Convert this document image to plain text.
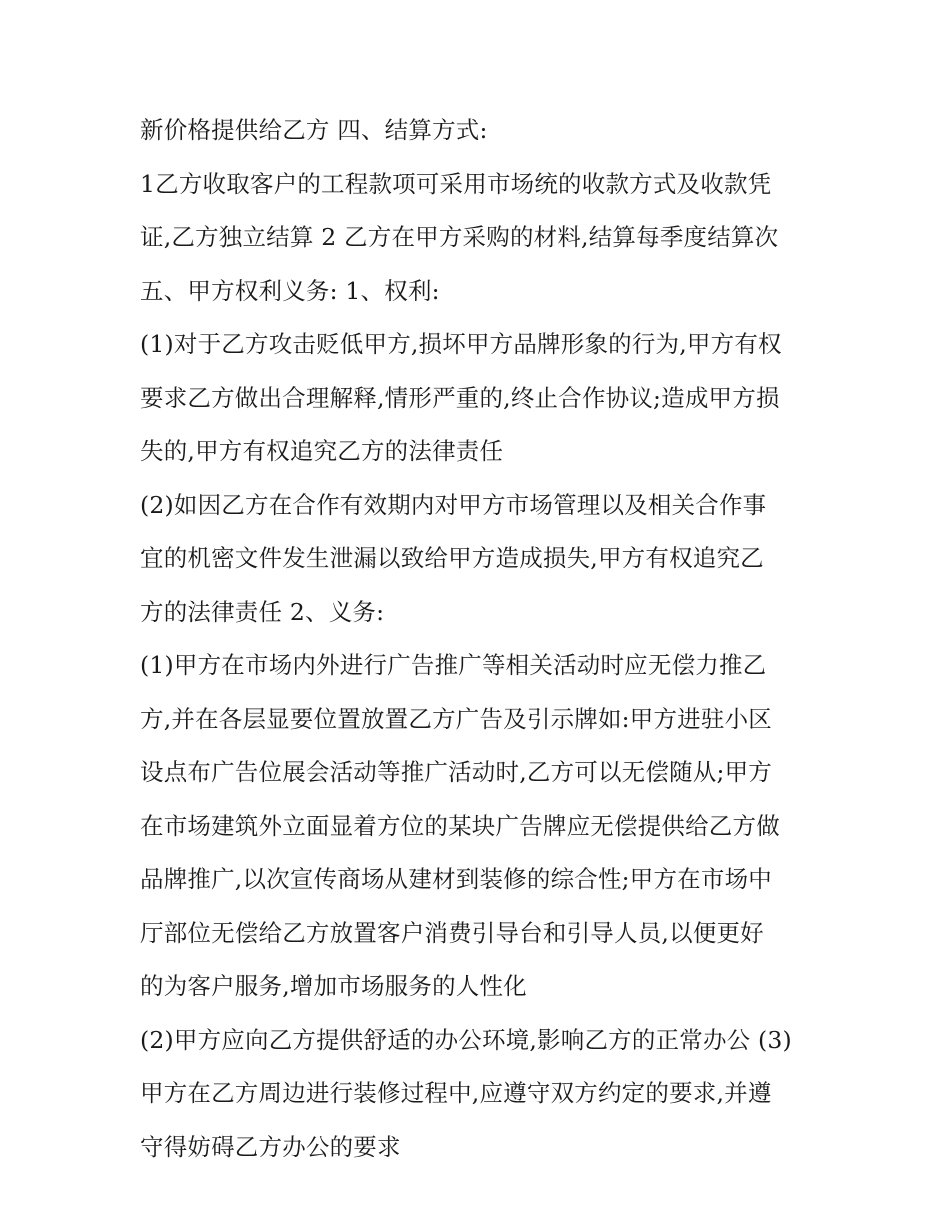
新价格提供给乙方 四、结算方式:
1乙方收取客户的工程款项可采用市场统的收款方式及收款凭
证,乙方独立结算 2 乙方在甲方采购的材料,结算每季度结算次
五、甲方权利义务: 1、权利:
(1)对于乙方攻击贬低甲方,损坏甲方品牌形象的行为,甲方有权
要求乙方做出合理解释,情形严重的,终止合作协议;造成甲方损
失的,甲方有权追究乙方的法律责任
(2)如因乙方在合作有效期内对甲方市场管理以及相关合作事
宜的机密文件发生泄漏以致给甲方造成损失,甲方有权追究乙
方的法律责任 2、义务:
(1)甲方在市场内外进行广告推广等相关活动时应无偿力推乙
方,并在各层显要位置放置乙方广告及引示牌如:甲方进驻小区
设点布广告位展会活动等推广活动时,乙方可以无偿随从;甲方
在市场建筑外立面显着方位的某块广告牌应无偿提供给乙方做
品牌推广,以次宣传商场从建材到装修的综合性;甲方在市场中
厅部位无偿给乙方放置客户消费引导台和引导人员,以便更好
的为客户服务,增加市场服务的人性化
(2)甲方应向乙方提供舒适的办公环境,影响乙方的正常办公 (3)
甲方在乙方周边进行装修过程中,应遵守双方约定的要求,并遵
守得妨碍乙方办公的要求
